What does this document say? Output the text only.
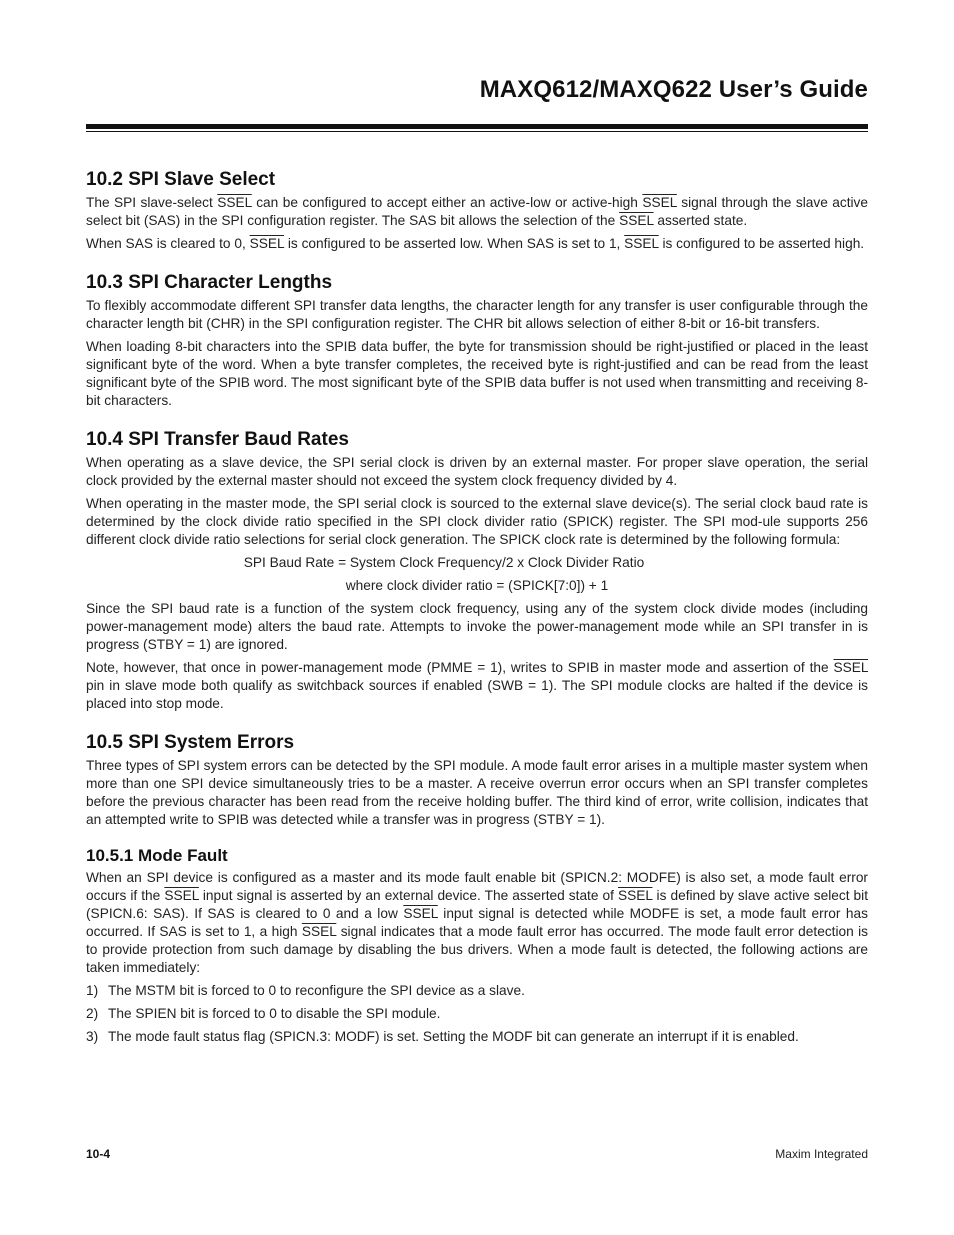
MAXQ612/MAXQ622 User’s Guide
10.2 SPI Slave Select

The SPI slave-select SSEL can be configured to accept either an active-low or active-high SSEL signal through the slave active select bit (SAS) in the SPI configuration register. The SAS bit allows the selection of the SSEL asserted state.

When SAS is cleared to 0, SSEL is configured to be asserted low. When SAS is set to 1, SSEL is configured to be asserted high.

10.3 SPI Character Lengths

To flexibly accommodate different SPI transfer data lengths, the character length for any transfer is user configurable through the character length bit (CHR) in the SPI configuration register. The CHR bit allows selection of either 8-bit or 16-bit transfers.

When loading 8-bit characters into the SPIB data buffer, the byte for transmission should be right-justified or placed in the least significant byte of the word. When a byte transfer completes, the received byte is right-justified and can be read from the least significant byte of the SPIB word. The most significant byte of the SPIB data buffer is not used when transmitting and receiving 8-bit characters.

10.4 SPI Transfer Baud Rates

When operating as a slave device, the SPI serial clock is driven by an external master. For proper slave operation, the serial clock provided by the external master should not exceed the system clock frequency divided by 4.

When operating in the master mode, the SPI serial clock is sourced to the external slave device(s). The serial clock baud rate is determined by the clock divide ratio specified in the SPI clock divider ratio (SPICK) register. The SPI mod-ule supports 256 different clock divide ratio selections for serial clock generation. The SPICK clock rate is determined by the following formula:

SPI Baud Rate = System Clock Frequency/2 x Clock Divider Ratio

where clock divider ratio = (SPICK[7:0]) + 1

Since the SPI baud rate is a function of the system clock frequency, using any of the system clock divide modes (including power-management mode) alters the baud rate. Attempts to invoke the power-management mode while an SPI transfer in is progress (STBY = 1) are ignored.

Note, however, that once in power-management mode (PMME = 1), writes to SPIB in master mode and assertion of the SSEL pin in slave mode both qualify as switchback sources if enabled (SWB = 1). The SPI module clocks are halted if the device is placed into stop mode.

10.5 SPI System Errors

Three types of SPI system errors can be detected by the SPI module. A mode fault error arises in a multiple master system when more than one SPI device simultaneously tries to be a master. A receive overrun error occurs when an SPI transfer completes before the previous character has been read from the receive holding buffer. The third kind of error, write collision, indicates that an attempted write to SPIB was detected while a transfer was in progress (STBY = 1).

10.5.1 Mode Fault

When an SPI device is configured as a master and its mode fault enable bit (SPICN.2: MODFE) is also set, a mode fault error occurs if the SSEL input signal is asserted by an external device. The asserted state of SSEL is defined by slave active select bit (SPICN.6: SAS). If SAS is cleared to 0 and a low SSEL input signal is detected while MODFE is set, a mode fault error has occurred. If SAS is set to 1, a high SSEL signal indicates that a mode fault error has occurred. The mode fault error detection is to provide protection from such damage by disabling the bus drivers. When a mode fault is detected, the following actions are taken immediately:

1) The MSTM bit is forced to 0 to reconfigure the SPI device as a slave.
2) The SPIEN bit is forced to 0 to disable the SPI module.
3) The mode fault status flag (SPICN.3: MODF) is set. Setting the MODF bit can generate an interrupt if it is enabled.
10-4	Maxim Integrated
